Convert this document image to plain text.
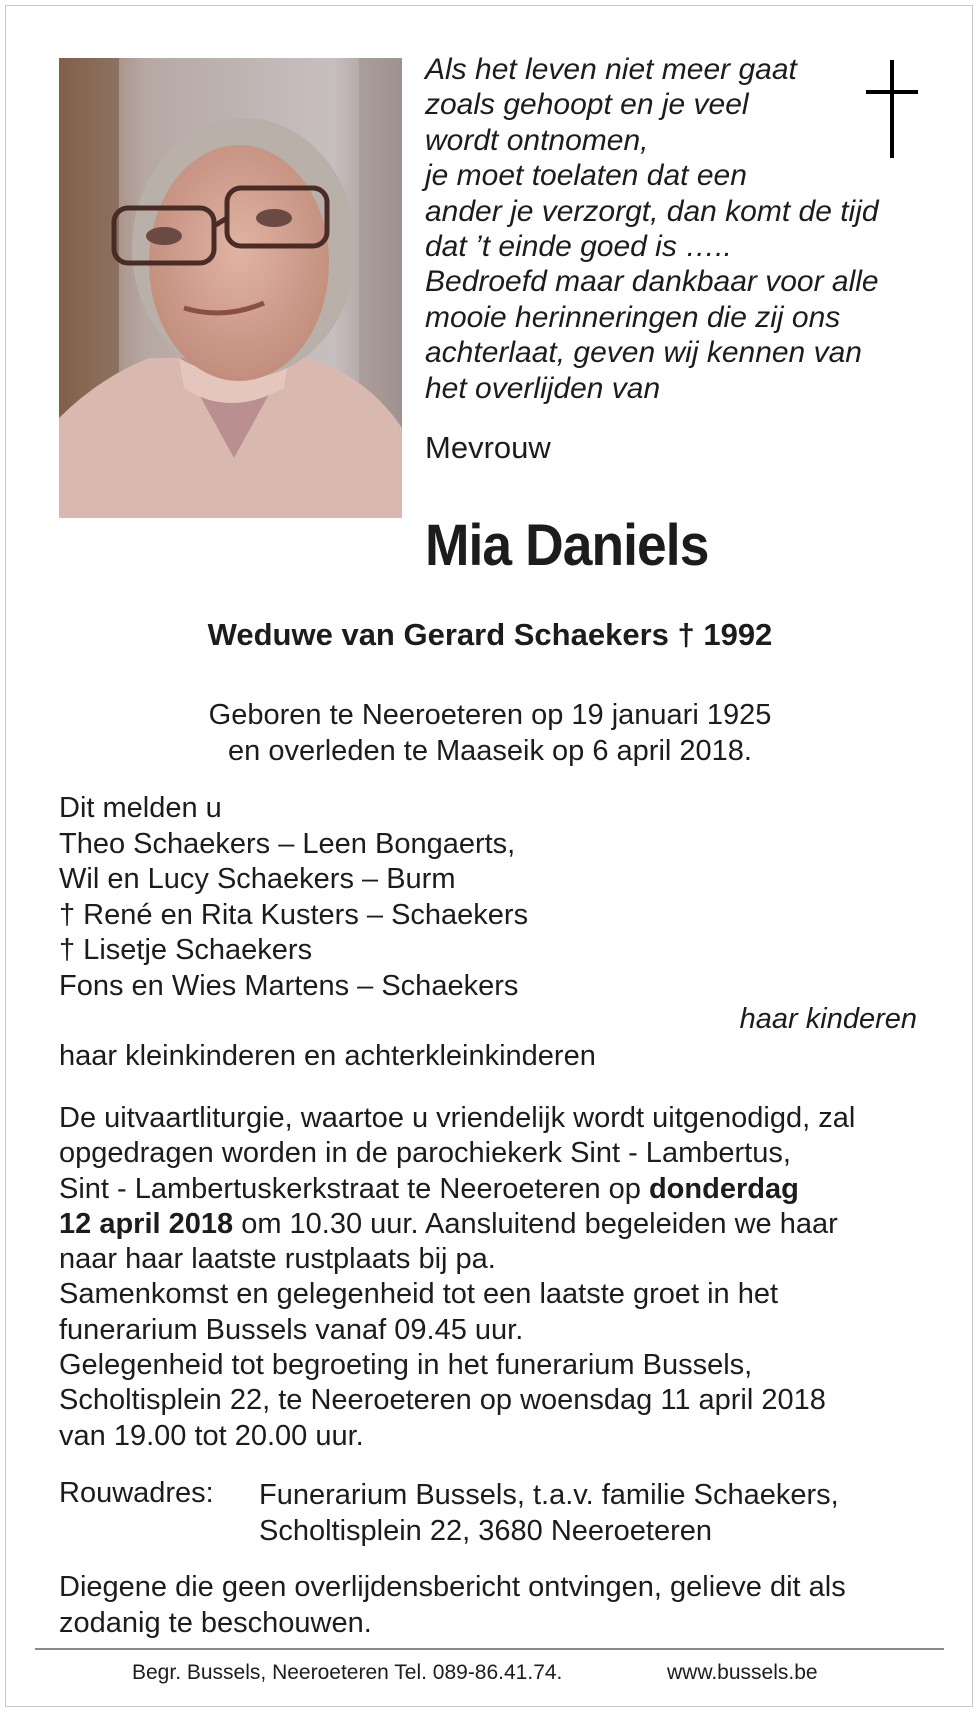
Als het leven niet meer gaat
zoals gehoopt en je veel
wordt ontnomen,
je moet toelaten dat een
ander je verzorgt, dan komt de tijd
dat ’t einde goed is …..
Bedroefd maar dankbaar voor alle
mooie herinneringen die zij ons
achterlaat, geven wij kennen van
het overlijden van
Mevrouw
Mia Daniels
Weduwe van Gerard Schaekers † 1992
Geboren te Neeroeteren op 19 januari 1925
en overleden te Maaseik op 6 april 2018.
Dit melden u
Theo Schaekers – Leen Bongaerts,
Wil en Lucy Schaekers – Burm
† René en Rita Kusters – Schaekers
† Lisetje Schaekers
Fons en Wies Martens – Schaekers
haar kinderen
haar kleinkinderen en achterkleinkinderen
De uitvaartliturgie, waartoe u vriendelijk wordt uitgenodigd, zal
opgedragen worden in de parochiekerk Sint - Lambertus,
Sint - Lambertuskerkstraat te Neeroeteren op donderdag
12 april 2018 om 10.30 uur. Aansluitend begeleiden we haar
naar haar laatste rustplaats bij pa.
Samenkomst en gelegenheid tot een laatste groet in het
funerarium Bussels vanaf 09.45 uur.
Gelegenheid tot begroeting in het funerarium Bussels,
Scholtisplein 22, te Neeroeteren op woensdag 11 april 2018
van 19.00 tot 20.00 uur.
Rouwadres: Funerarium Bussels, t.a.v. familie Schaekers,
Scholtisplein 22, 3680 Neeroeteren
Diegene die geen overlijdensbericht ontvingen, gelieve dit als
zodanig te beschouwen.
Begr. Bussels, Neeroeteren Tel. 089-86.41.74.	www.bussels.be
